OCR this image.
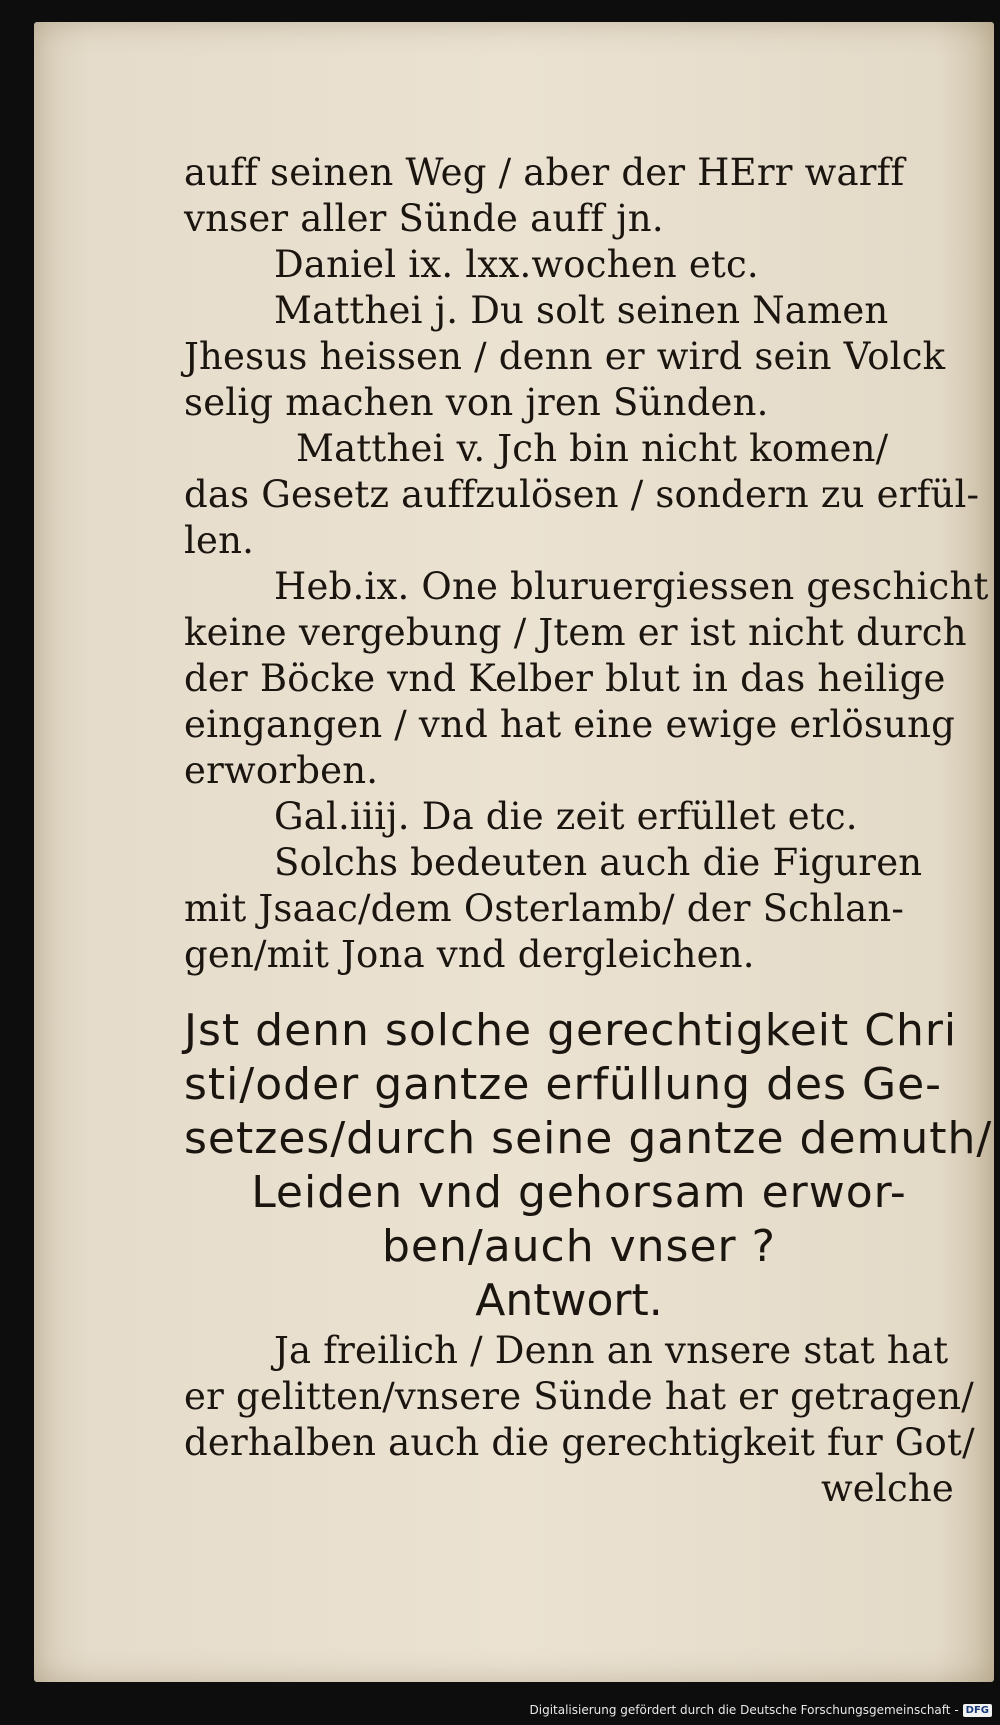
auff seinen Weg / aber der HErr warff
vnser aller Sünde auff jn.
Daniel ix. lxx.wochen etc.
Matthei j. Du solt seinen Namen
Jhesus heissen / denn er wird sein Volck
selig machen von jren Sünden.
Matthei v. Jch bin nicht komen/
das Gesetz auffzulösen / sondern zu erfül-
len.
Heb.ix. One bluruergiessen geschicht
keine vergebung / Jtem er ist nicht durch
der Böcke vnd Kelber blut in das heilige
eingangen / vnd hat eine ewige erlösung
erworben.
Gal.iiij. Da die zeit erfüllet etc.
Solchs bedeuten auch die Figuren
mit Jsaac/dem Osterlamb/ der Schlan-
gen/mit Jona vnd dergleichen.
Jst denn solche gerechtigkeit Chri
sti/oder gantze erfüllung des Ge-
setzes/durch seine gantze demuth/
Leiden vnd gehorsam erwor-
ben/auch vnser ?
Antwort.
Ja freilich / Denn an vnsere stat hat
er gelitten/vnsere Sünde hat er getragen/
derhalben auch die gerechtigkeit fur Got/
welche
Digitalisierung gefördert durch die Deutsche Forschungsgemeinschaft - DFG
